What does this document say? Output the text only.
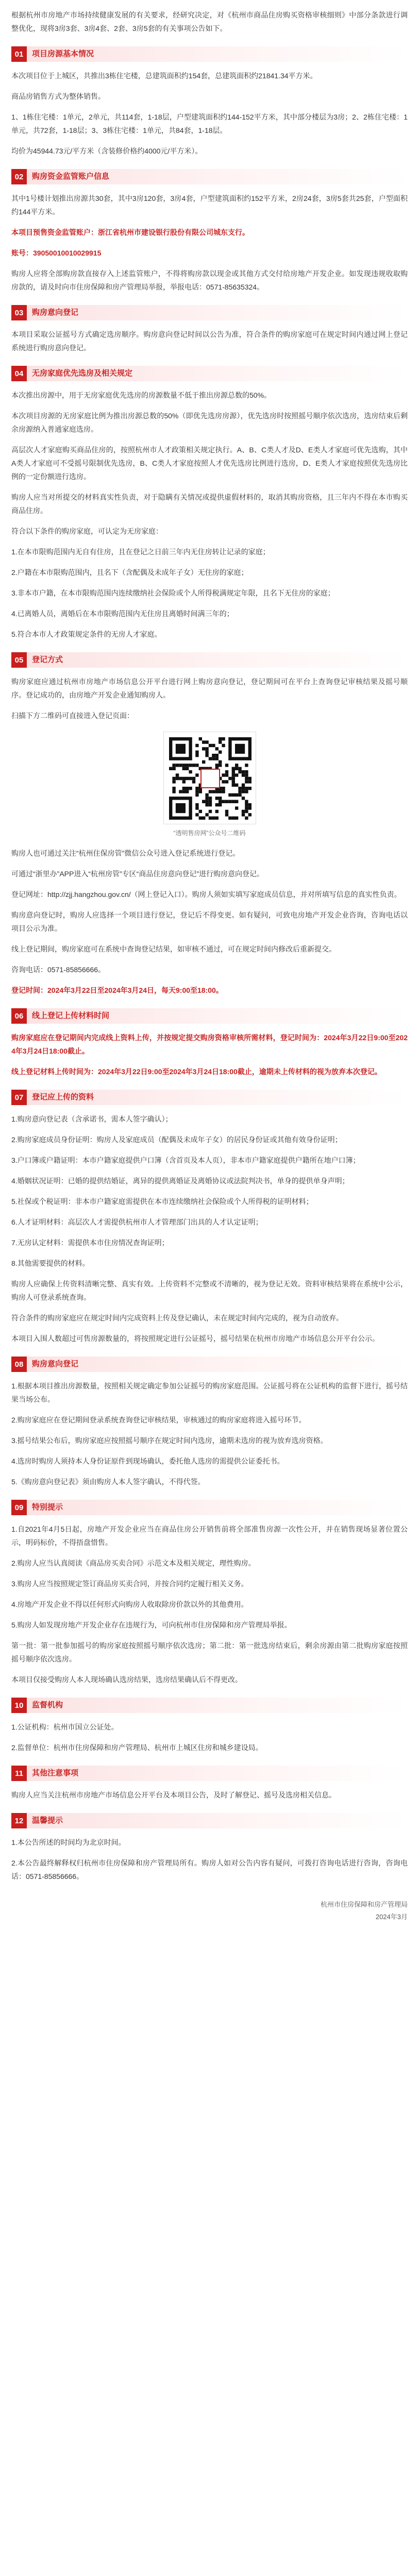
根据杭州市房地产市场持续健康发展的有关要求，经研究决定，对《杭州市商品住房购买资格审核细则》中部分条款进行调整优化，现将3房3套、3房4套、2套、3房5套的有关事项公告如下。

01	项目房源基本情况

本次项目位于上城区，共推出3栋住宅楼，总建筑面积约154套，总建筑面积约21841.34平方米。

商品房销售方式为整体销售。

1、1栋住宅楼：1单元，2单元，共114套，1-18层，户型建筑面积约144-152平方米，其中部分楼层为3房；2、2栋住宅楼：1单元，共72套，1-18层；3、3栋住宅楼：1单元，共84套，1-18层。

均价为45944.73元/平方米（含装修价格约4000元/平方米）。

02	购房资金监管账户信息

其中1号楼计划推出房源共30套，其中3房120套，3房4套，户型建筑面积约152平方米，2房24套，3房5套共25套，户型面积约144平方米。

本项目预售资金监管账户：浙江省杭州市建设银行股份有限公司城东支行。

账号：39050010010029915

购房人应将全部购房款直接存入上述监管账户，不得将购房款以现金或其他方式交付给房地产开发企业。如发现违规收取购房款的，请及时向市住房保障和房产管理局举报，举报电话：0571-85635324。

03	购房意向登记

本项目采取公证摇号方式确定选房顺序。购房意向登记时间以公告为准，符合条件的购房家庭可在规定时间内通过网上登记系统进行购房意向登记。

04	无房家庭优先选房及相关规定

本次推出房源中，用于无房家庭优先选房的房源数量不低于推出房源总数的50%。

本次项目房源的无房家庭比例为推出房源总数的50%（即优先选房房源），优先选房时按照摇号顺序依次选房，选房结束后剩余房源纳入普通家庭选房。

高层次人才家庭购买商品住房的，按照杭州市人才政策相关规定执行。A、B、C类人才及D、E类人才家庭可优先选购，其中A类人才家庭可不受摇号限制优先选房，B、C类人才家庭按照人才优先选房比例进行选房，D、E类人才家庭按照优先选房比例的一定份额进行选房。

购房人应当对所提交的材料真实性负责，对于隐瞒有关情况或提供虚假材料的，取消其购房资格，且三年内不得在本市购买商品住房。

符合以下条件的购房家庭，可认定为无房家庭：

1.在本市限购范围内无自有住房，且在登记之日前三年内无住房转让记录的家庭；

2.户籍在本市限购范围内，且名下（含配偶及未成年子女）无住房的家庭；

3.非本市户籍，在本市限购范围内连续缴纳社会保险或个人所得税满规定年限，且名下无住房的家庭；

4.已离婚人员，离婚后在本市限购范围内无住房且离婚时间满三年的；

5.符合本市人才政策规定条件的无房人才家庭。

05	登记方式

购房家庭应通过杭州市房地产市场信息公开平台进行网上购房意向登记，登记期间可在平台上查询登记审核结果及摇号顺序。登记成功的，由房地产开发企业通知购房人。

扫描下方二维码可直接进入登记页面：

“透明售房网”公众号二维码

购房人也可通过关注“杭州住保房管”微信公众号进入登记系统进行登记。

可通过“浙里办”APP进入“杭州房管”专区“商品住房意向登记”进行购房意向登记。

登记网址：http://zjj.hangzhou.gov.cn/（网上登记入口）。购房人须如实填写家庭成员信息，并对所填写信息的真实性负责。

购房意向登记时，购房人应选择一个项目进行登记，登记后不得变更。如有疑问，可致电房地产开发企业咨询，咨询电话以项目公示为准。

线上登记期间，购房家庭可在系统中查询登记结果，如审核不通过，可在规定时间内修改后重新提交。

咨询电话：0571-85856666。

登记时间：2024年3月22日至2024年3月24日，每天9:00至18:00。

06	线上登记上传材料时间

购房家庭应在登记期间内完成线上资料上传，并按规定提交购房资格审核所需材料，登记时间为：2024年3月22日9:00至2024年3月24日18:00截止。

线上登记材料上传时间为：2024年3月22日9:00至2024年3月24日18:00截止，逾期未上传材料的视为放弃本次登记。

07	登记应上传的资料

1.购房意向登记表（含承诺书，需本人签字确认）；

2.购房家庭成员身份证明：购房人及家庭成员（配偶及未成年子女）的居民身份证或其他有效身份证明；

3.户口簿或户籍证明：本市户籍家庭提供户口簿（含首页及本人页），非本市户籍家庭提供户籍所在地户口簿；

4.婚姻状况证明：已婚的提供结婚证，离异的提供离婚证及离婚协议或法院判决书，单身的提供单身声明；

5.社保或个税证明：非本市户籍家庭需提供在本市连续缴纳社会保险或个人所得税的证明材料；

6.人才证明材料：高层次人才需提供杭州市人才管理部门出具的人才认定证明；

7.无房认定材料：需提供本市住房情况查询证明；

8.其他需要提供的材料。

购房人应确保上传资料清晰完整、真实有效。上传资料不完整或不清晰的，视为登记无效。资料审核结果将在系统中公示，购房人可登录系统查询。

符合条件的购房家庭应在规定时间内完成资料上传及登记确认，未在规定时间内完成的，视为自动放弃。

本项目入围人数超过可售房源数量的，将按照规定进行公证摇号，摇号结果在杭州市房地产市场信息公开平台公示。

08	购房意向登记

1.根据本项目推出房源数量，按照相关规定确定参加公证摇号的购房家庭范围。公证摇号将在公证机构的监督下进行，摇号结果当场公布。

2.购房家庭应在登记期间登录系统查询登记审核结果，审核通过的购房家庭将进入摇号环节。

3.摇号结果公布后，购房家庭应按照摇号顺序在规定时间内选房，逾期未选房的视为放弃选房资格。

4.选房时购房人须持本人身份证原件到现场确认，委托他人选房的需提供公证委托书。

5.《购房意向登记表》须由购房人本人签字确认，不得代签。

09	特别提示

1.自2021年4月5日起，房地产开发企业应当在商品住房公开销售前将全部准售房源一次性公开，并在销售现场显著位置公示，明码标价，不得捂盘惜售。

2.购房人应当认真阅读《商品房买卖合同》示范文本及相关规定，理性购房。

3.购房人应当按照规定签订商品房买卖合同，并按合同约定履行相关义务。

4.房地产开发企业不得以任何形式向购房人收取除房价款以外的其他费用。

5.购房人如发现房地产开发企业存在违规行为，可向杭州市住房保障和房产管理局举报。

第一批：第一批参加摇号的购房家庭按照摇号顺序依次选房；第二批：第一批选房结束后，剩余房源由第二批购房家庭按照摇号顺序依次选房。

本项目仅接受购房人本人现场确认选房结果，选房结果确认后不得更改。

10	监督机构

1.公证机构：杭州市国立公证处。

2.监督单位：杭州市住房保障和房产管理局、杭州市上城区住房和城乡建设局。

11	其他注意事项

购房人应当关注杭州市房地产市场信息公开平台及本项目公告，及时了解登记、摇号及选房相关信息。

12	温馨提示

1.本公告所述的时间均为北京时间。

2.本公告最终解释权归杭州市住房保障和房产管理局所有。购房人如对公告内容有疑问，可拨打咨询电话进行咨询，咨询电话：0571-85856666。

杭州市住房保障和房产管理局
2024年3月
